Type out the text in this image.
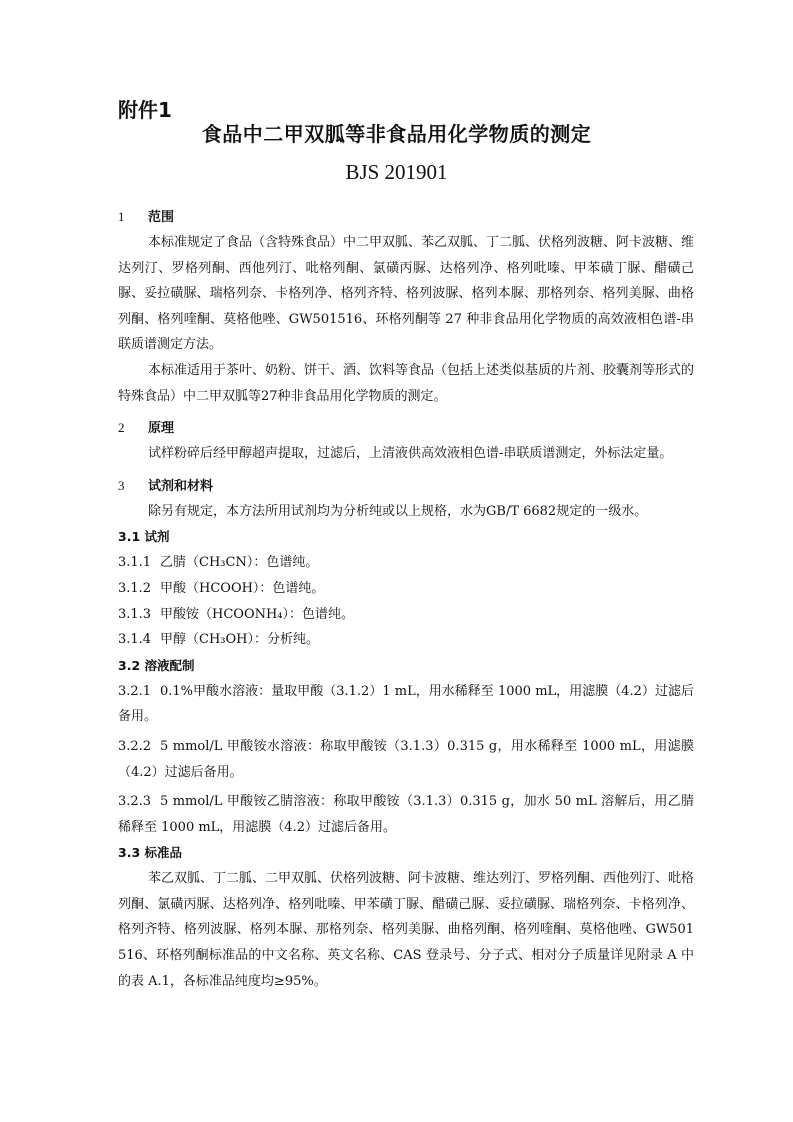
附件1
食品中二甲双胍等非食品用化学物质的测定
BJS 201901
1 范围
本标准规定了食品（含特殊食品）中二甲双胍、苯乙双胍、丁二胍、伏格列波糖、阿卡波糖、维达列汀、罗格列酮、西他列汀、吡格列酮、氯磺丙脲、达格列净、格列吡嗪、甲苯磺丁脲、醋磺己脲、妥拉磺脲、瑞格列奈、卡格列净、格列齐特、格列波脲、格列本脲、那格列奈、格列美脲、曲格列酮、格列喹酮、莫格他唑、GW501516、环格列酮等 27 种非食品用化学物质的高效液相色谱-串联质谱测定方法。
本标准适用于茶叶、奶粉、饼干、酒、饮料等食品（包括上述类似基质的片剂、胶囊剂等形式的特殊食品）中二甲双胍等27种非食品用化学物质的测定。
2 原理
试样粉碎后经甲醇超声提取，过滤后，上清液供高效液相色谱-串联质谱测定，外标法定量。
3 试剂和材料
除另有规定，本方法所用试剂均为分析纯或以上规格，水为GB/T 6682规定的一级水。
3.1 试剂
3.1.1 乙腈（CH₃CN）：色谱纯。
3.1.2 甲酸（HCOOH）：色谱纯。
3.1.3 甲酸铵（HCOONH₄）：色谱纯。
3.1.4 甲醇（CH₃OH）：分析纯。
3.2 溶液配制
3.2.1 0.1%甲酸水溶液：量取甲酸（3.1.2）1 mL，用水稀释至 1000 mL，用滤膜（4.2）过滤后备用。
3.2.2 5 mmol/L 甲酸铵水溶液：称取甲酸铵（3.1.3）0.315 g，用水稀释至 1000 mL，用滤膜（4.2）过滤后备用。
3.2.3 5 mmol/L 甲酸铵乙腈溶液：称取甲酸铵（3.1.3）0.315 g，加水 50 mL 溶解后，用乙腈稀释至 1000 mL，用滤膜（4.2）过滤后备用。
3.3 标准品
苯乙双胍、丁二胍、二甲双胍、伏格列波糖、阿卡波糖、维达列汀、罗格列酮、西他列汀、吡格列酮、氯磺丙脲、达格列净、格列吡嗪、甲苯磺丁脲、醋磺己脲、妥拉磺脲、瑞格列奈、卡格列净、格列齐特、格列波脲、格列本脲、那格列奈、格列美脲、曲格列酮、格列喹酮、莫格他唑、GW501516、环格列酮标准品的中文名称、英文名称、CAS 登录号、分子式、相对分子质量详见附录 A 中的表 A.1，各标准品纯度均≥95%。
